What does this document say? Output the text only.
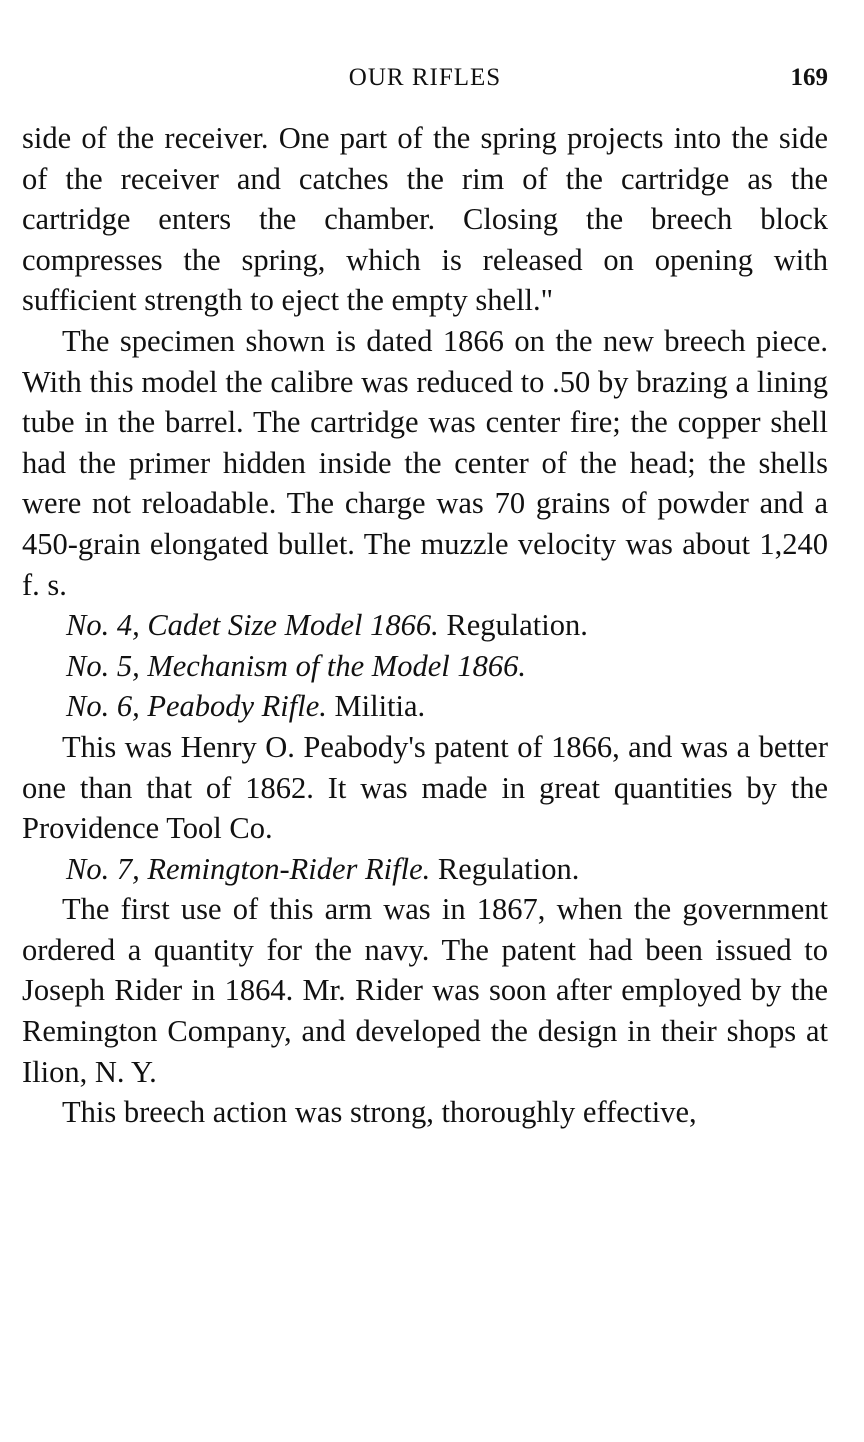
OUR RIFLES	169

side of the receiver. One part of the spring projects into the side of the receiver and catches the rim of the cartridge as the cartridge enters the chamber. Closing the breech block compresses the spring, which is released on opening with sufficient strength to eject the empty shell."

The specimen shown is dated 1866 on the new breech piece. With this model the calibre was reduced to .50 by brazing a lining tube in the barrel. The cartridge was center fire; the copper shell had the primer hidden inside the center of the head; the shells were not reloadable. The charge was 70 grains of powder and a 450-grain elongated bullet. The muzzle velocity was about 1,240 f. s.

No. 4, Cadet Size Model 1866. Regulation.

No. 5, Mechanism of the Model 1866.

No. 6, Peabody Rifle. Militia.

This was Henry O. Peabody's patent of 1866, and was a better one than that of 1862. It was made in great quantities by the Providence Tool Co.

No. 7, Remington-Rider Rifle. Regulation.

The first use of this arm was in 1867, when the government ordered a quantity for the navy. The patent had been issued to Joseph Rider in 1864. Mr. Rider was soon after employed by the Remington Company, and developed the design in their shops at Ilion, N. Y.

This breech action was strong, thoroughly effective,
